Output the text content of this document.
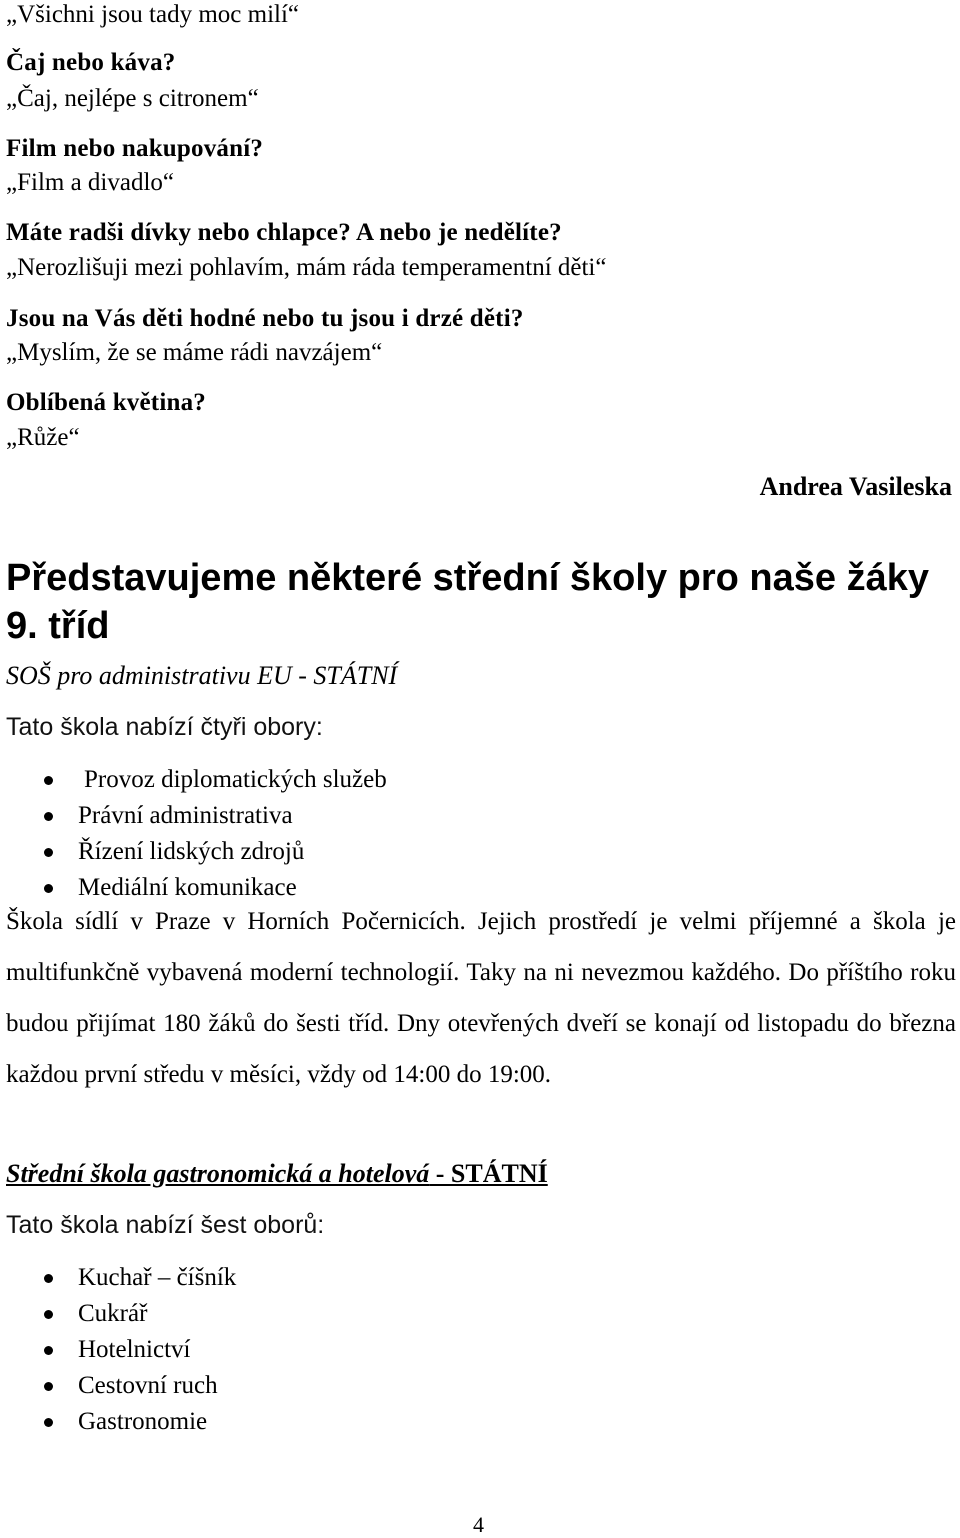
„Všichni jsou tady moc milí“
Čaj nebo káva?
„Čaj, nejlépe s citronem“
Film nebo nakupování?
„Film a divadlo“
Máte radši dívky nebo chlapce? A nebo je nedělíte?
„Nerozlišuji mezi pohlavím, mám ráda temperamentní děti“
Jsou na Vás děti hodné nebo tu jsou i drzé děti?
„Myslím, že se máme rádi navzájem“
Oblíbená květina?
„Růže“
Andrea Vasileska
Představujeme některé střední školy pro naše žáky 9. tříd
SOŠ pro administrativu EU - STÁTNÍ
Tato škola nabízí čtyři obory:
Provoz diplomatických služeb
Právní administrativa
Řízení lidských zdrojů
Mediální komunikace

Škola sídlí v Praze v Horních Počernicích. Jejich prostředí je velmi příjemné a škola je multifunkčně vybavená moderní technologií. Taky na ni nevezmou každého. Do příštího roku budou přijímat 180 žáků do šesti tříd. Dny otevřených dveří se konají od listopadu do března každou první středu v měsíci, vždy od 14:00 do 19:00.

Střední škola gastronomická a hotelová - STÁTNÍ
Tato škola nabízí šest oborů:
Kuchař – číšník
Cukrář
Hotelnictví
Cestovní ruch
Gastronomie
4
